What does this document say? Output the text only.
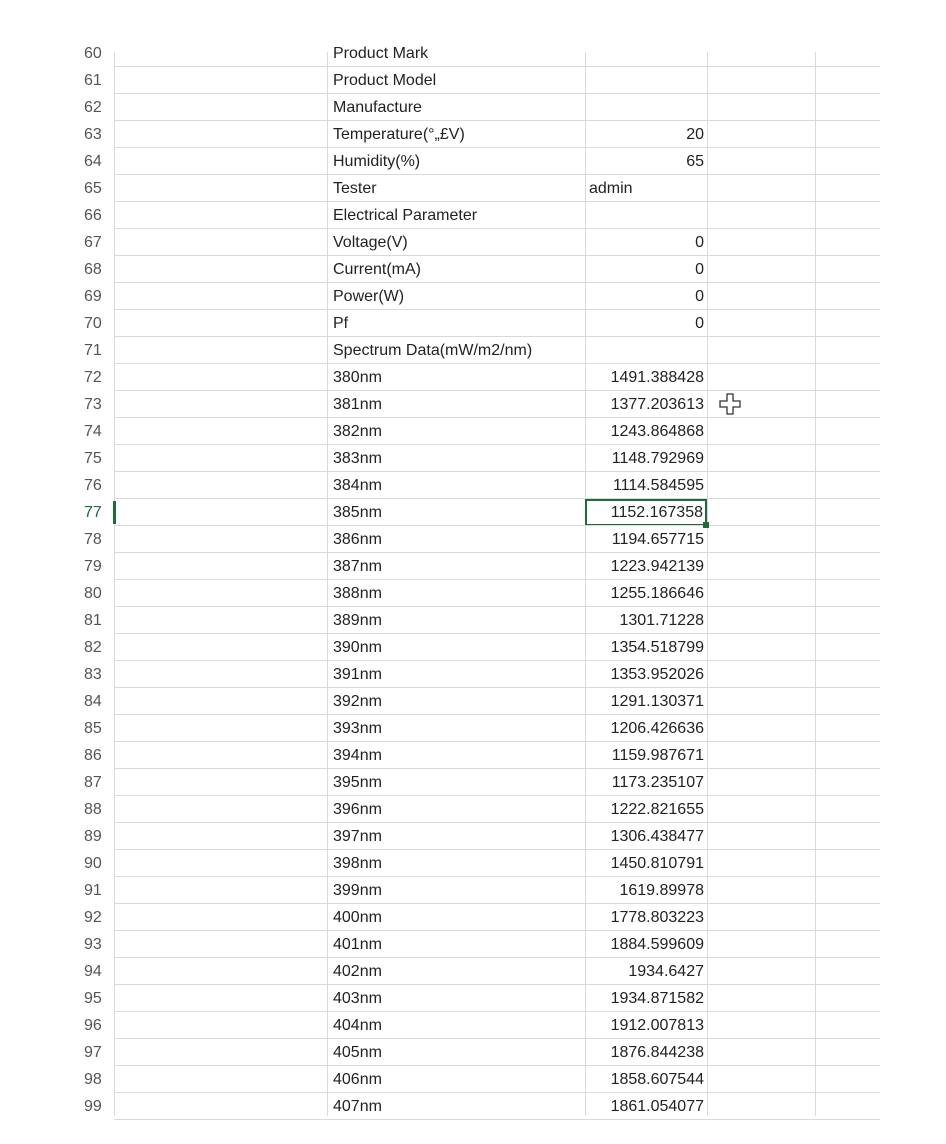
60	Product Mark
61	Product Model
62	Manufacture
63	Temperature(°„£V)	20
64	Humidity(%)	65
65	Tester	admin
66	Electrical Parameter
67	Voltage(V)	0
68	Current(mA)	0
69	Power(W)	0
70	Pf	0
71	Spectrum Data(mW/m2/nm)
72	380nm	1491.388428
73	381nm	1377.203613
74	382nm	1243.864868
75	383nm	1148.792969
76	384nm	1114.584595
77	385nm	1152.167358
78	386nm	1194.657715
79	387nm	1223.942139
80	388nm	1255.186646
81	389nm	1301.71228
82	390nm	1354.518799
83	391nm	1353.952026
84	392nm	1291.130371
85	393nm	1206.426636
86	394nm	1159.987671
87	395nm	1173.235107
88	396nm	1222.821655
89	397nm	1306.438477
90	398nm	1450.810791
91	399nm	1619.89978
92	400nm	1778.803223
93	401nm	1884.599609
94	402nm	1934.6427
95	403nm	1934.871582
96	404nm	1912.007813
97	405nm	1876.844238
98	406nm	1858.607544
99	407nm	1861.054077
